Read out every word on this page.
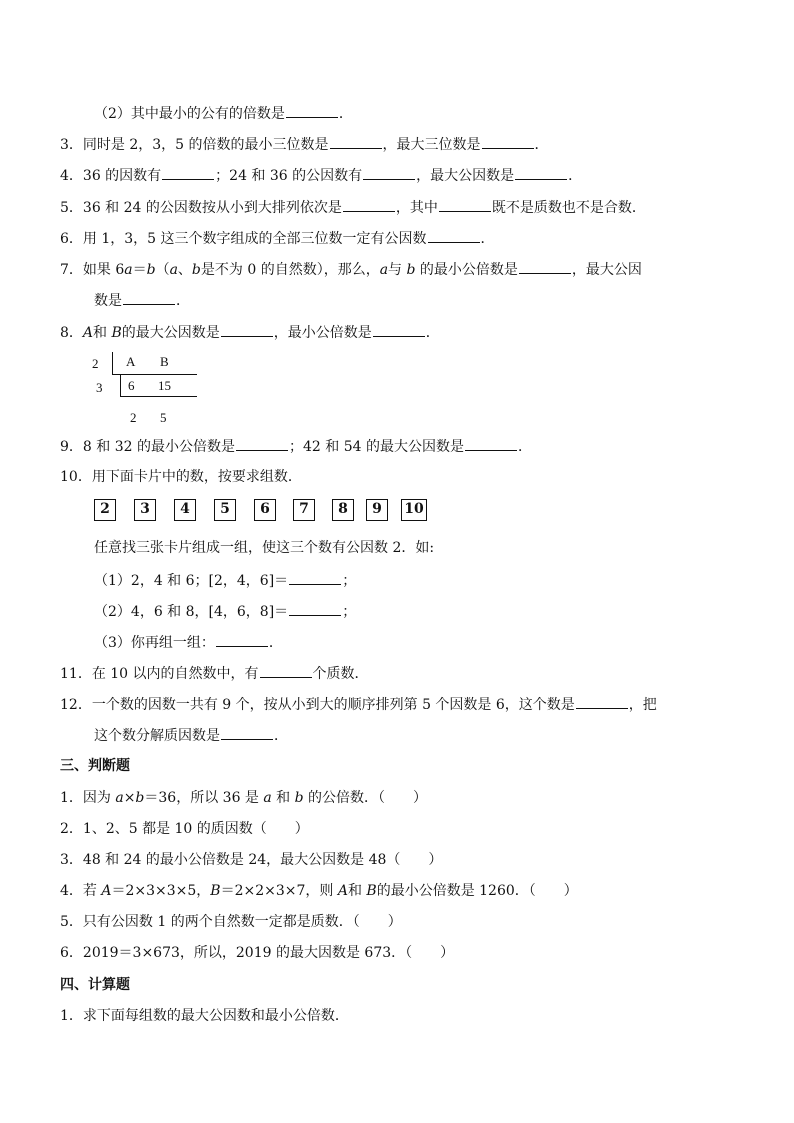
（2）其中最小的公有的倍数是	．
3．同时是 2，3，5 的倍数的最小三位数是	，最大三位数是	．
4．36 的因数有	；24 和 36 的公因数有	，最大公因数是	．
5．36 和 24 的公因数按从小到大排列依次是	，其中	既不是质数也不是合数．
6．用 1，3，5 这三个数字组成的全部三位数一定有公因数	．
7．如果 6𝑎＝𝑏（𝑎、𝑏是不为 0 的自然数），那么，𝑎与 𝑏 的最小公倍数是	，最大公因
数是	．
8．𝐴和 𝐵的最大公因数是	，最小公倍数是	．
2
3
A B
6 15
2 5
9．8 和 32 的最小公倍数是	；42 和 54 的最大公因数是	．
10．用下面卡片中的数，按要求组数．
2	3	4	5	6	7	8	9	10
任意找三张卡片组成一组，使这三个数有公因数 2．如:
（1）2，4 和 6；[2，4，6]＝	；
（2）4，6 和 8，[4，6，8]＝	；
（3）你再组一组：	．
11．在 10 以内的自然数中，有	个质数．
12．一个数的因数一共有 9 个，按从小到大的顺序排列第 5 个因数是 6，这个数是	，把
这个数分解质因数是	．
三、判断题
1．因为 𝑎×𝑏＝36，所以 36 是 𝑎 和 𝑏 的公倍数．（　　）
2．1、2、5 都是 10 的质因数（　　）
3．48 和 24 的最小公倍数是 24，最大公因数是 48（　　）
4．若 𝐴＝2×3×3×5，𝐵＝2×2×3×7，则 𝐴和 𝐵的最小公倍数是 1260．（　　）
5．只有公因数 1 的两个自然数一定都是质数．（　　）
6．2019＝3×673，所以，2019 的最大因数是 673．（　　）
四、计算题
1．求下面每组数的最大公因数和最小公倍数．
